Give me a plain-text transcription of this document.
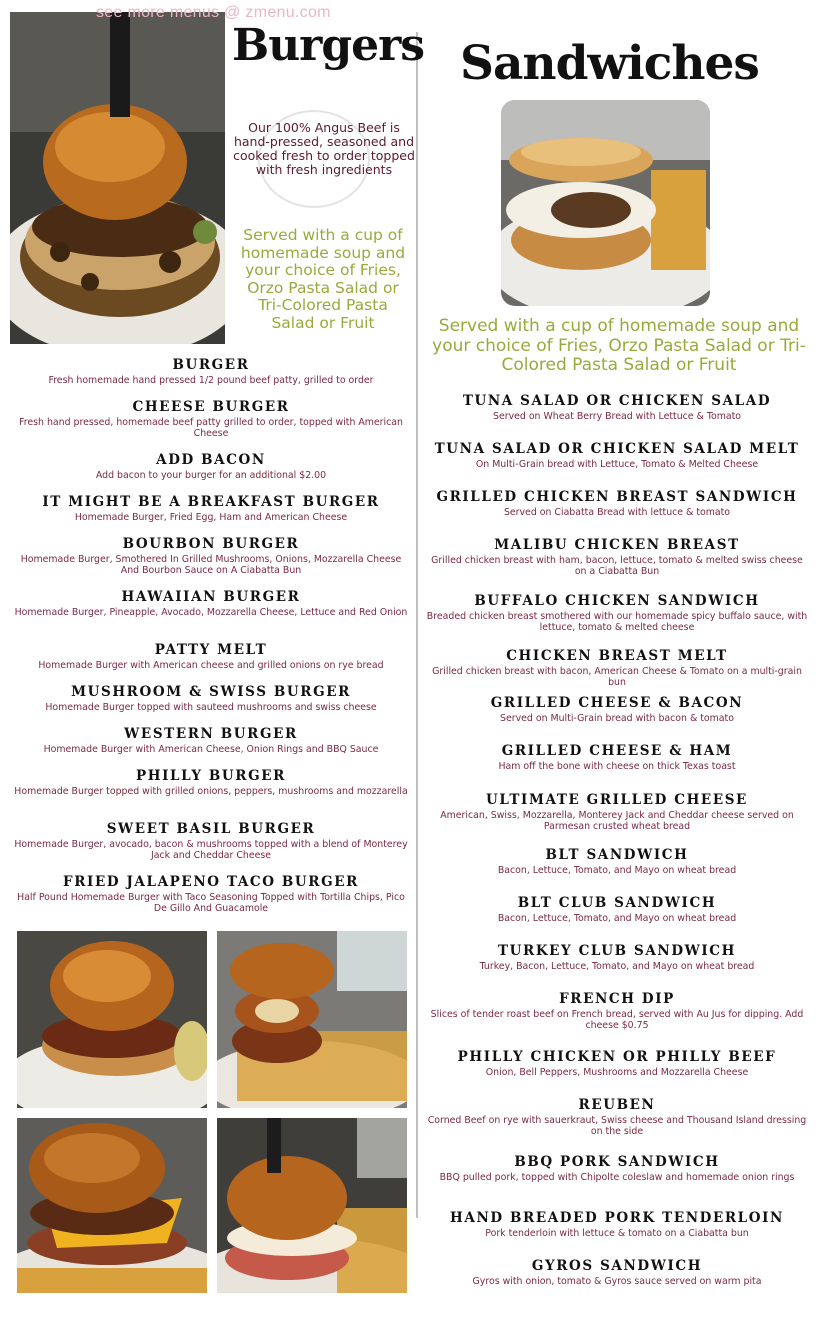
see more menus @ zmenu.com
Burgers
Our 100% Angus Beef is hand-pressed, seasoned and cooked fresh to order topped with fresh ingredients
Served with a cup of homemade soup and your choice of Fries, Orzo Pasta Salad or Tri-Colored Pasta Salad or Fruit
BURGER
Fresh homemade hand pressed 1/2 pound beef patty, grilled to order
CHEESE BURGER
Fresh hand pressed, homemade beef patty grilled to order, topped with American Cheese
ADD BACON
Add bacon to your burger for an additional $2.00
IT MIGHT BE A BREAKFAST BURGER
Homemade Burger, Fried Egg, Ham and American Cheese
BOURBON BURGER
Homemade Burger, Smothered In Grilled Mushrooms, Onions, Mozzarella Cheese And Bourbon Sauce on A Ciabatta Bun
HAWAIIAN BURGER
Homemade Burger, Pineapple, Avocado, Mozzarella Cheese, Lettuce and Red Onion
PATTY MELT
Homemade Burger with American cheese and grilled onions on rye bread
MUSHROOM & SWISS BURGER
Homemade Burger topped with sauteed mushrooms and swiss cheese
WESTERN BURGER
Homemade Burger with American Cheese, Onion Rings and BBQ Sauce
PHILLY BURGER
Homemade Burger topped with grilled onions, peppers, mushrooms and mozzarella
SWEET BASIL BURGER
Homemade Burger, avocado, bacon & mushrooms topped with a blend of Monterey Jack and Cheddar Cheese
FRIED JALAPENO TACO BURGER
Half Pound Homemade Burger with Taco Seasoning Topped with Tortilla Chips, Pico De Gillo And Guacamole
Sandwiches
Served with a cup of homemade soup and your choice of Fries, Orzo Pasta Salad or Tri-Colored Pasta Salad or Fruit
TUNA SALAD OR CHICKEN SALAD
Served on Wheat Berry Bread with Lettuce & Tomato
TUNA SALAD OR CHICKEN SALAD MELT
On Multi-Grain bread with Lettuce, Tomato & Melted Cheese
GRILLED CHICKEN BREAST SANDWICH
Served on Ciabatta Bread with lettuce & tomato
MALIBU CHICKEN BREAST
Grilled chicken breast with ham, bacon, lettuce, tomato & melted swiss cheese on a Ciabatta Bun
BUFFALO CHICKEN SANDWICH
Breaded chicken breast smothered with our homemade spicy buffalo sauce, with lettuce, tomato & melted cheese
CHICKEN BREAST MELT
Grilled chicken breast with bacon, American Cheese & Tomato on a multi-grain bun
GRILLED CHEESE & BACON
Served on Multi-Grain bread with bacon & tomato
GRILLED CHEESE & HAM
Ham off the bone with cheese on thick Texas toast
ULTIMATE GRILLED CHEESE
American, Swiss, Mozzarella, Monterey Jack and Cheddar cheese served on Parmesan crusted wheat bread
BLT SANDWICH
Bacon, Lettuce, Tomato, and Mayo on wheat bread
BLT CLUB SANDWICH
Bacon, Lettuce, Tomato, and Mayo on wheat bread
TURKEY CLUB SANDWICH
Turkey, Bacon, Lettuce, Tomato, and Mayo on wheat bread
FRENCH DIP
Slices of tender roast beef on French bread, served with Au Jus for dipping. Add cheese $0.75
PHILLY CHICKEN OR PHILLY BEEF
Onion, Bell Peppers, Mushrooms and Mozzarella Cheese
REUBEN
Corned Beef on rye with sauerkraut, Swiss cheese and Thousand Island dressing on the side
BBQ PORK SANDWICH
BBQ pulled pork, topped with Chipolte coleslaw and homemade onion rings
HAND BREADED PORK TENDERLOIN
Pork tenderloin with lettuce & tomato on a Ciabatta bun
GYROS SANDWICH
Gyros with onion, tomato & Gyros sauce served on warm pita
